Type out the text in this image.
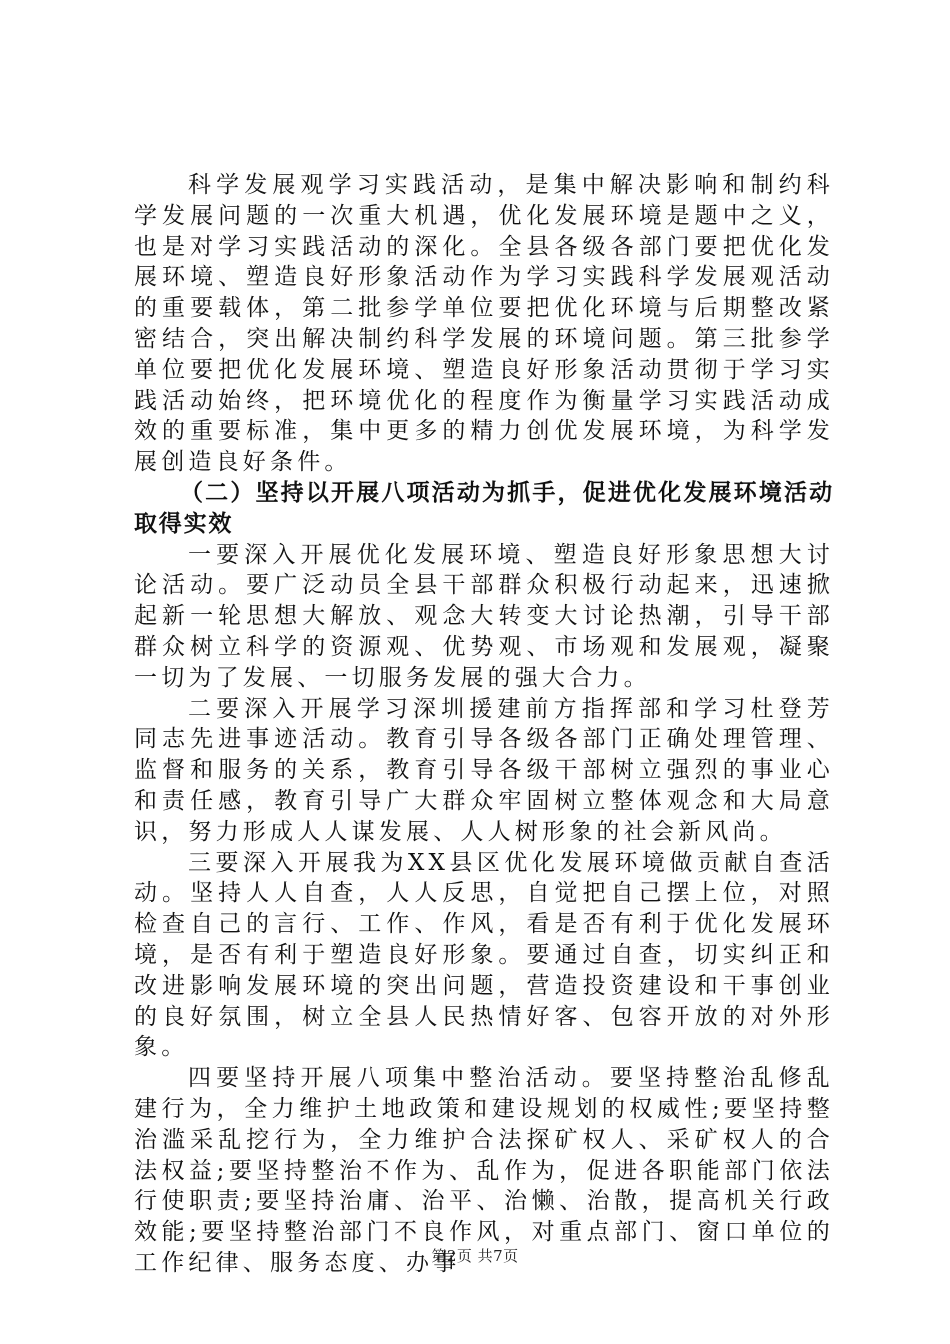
科学发展观学习实践活动，是集中解决影响和制约科学发展问题的一次重大机遇，优化发展环境是题中之义，也是对学习实践活动的深化。全县各级各部门要把优化发展环境、塑造良好形象活动作为学习实践科学发展观活动的重要载体，第二批参学单位要把优化环境与后期整改紧密结合，突出解决制约科学发展的环境问题。第三批参学单位要把优化发展环境、塑造良好形象活动贯彻于学习实践活动始终，把环境优化的程度作为衡量学习实践活动成效的重要标准，集中更多的精力创优发展环境，为科学发展创造良好条件。

（二）坚持以开展八项活动为抓手，促进优化发展环境活动取得实效

一要深入开展优化发展环境、塑造良好形象思想大讨论活动。要广泛动员全县干部群众积极行动起来，迅速掀起新一轮思想大解放、观念大转变大讨论热潮，引导干部群众树立科学的资源观、优势观、市场观和发展观，凝聚一切为了发展、一切服务发展的强大合力。

二要深入开展学习深圳援建前方指挥部和学习杜登芳同志先进事迹活动。教育引导各级各部门正确处理管理、监督和服务的关系，教育引导各级干部树立强烈的事业心和责任感，教育引导广大群众牢固树立整体观念和大局意识，努力形成人人谋发展、人人树形象的社会新风尚。

三要深入开展我为XX县区优化发展环境做贡献自查活动。坚持人人自查，人人反思，自觉把自己摆上位，对照检查自己的言行、工作、作风，看是否有利于优化发展环境，是否有利于塑造良好形象。要通过自查，切实纠正和改进影响发展环境的突出问题，营造投资建设和干事创业的良好氛围，树立全县人民热情好客、包容开放的对外形象。

四要坚持开展八项集中整治活动。要坚持整治乱修乱建行为，全力维护土地政策和建设规划的权威性;要坚持整治滥采乱挖行为，全力维护合法探矿权人、采矿权人的合法权益;要坚持整治不作为、乱作为，促进各职能部门依法行使职责;要坚持治庸、治平、治懒、治散，提高机关行政效能;要坚持整治部门不良作风，对重点部门、窗口单位的工作纪律、服务态度、办事

第2页 共7页
